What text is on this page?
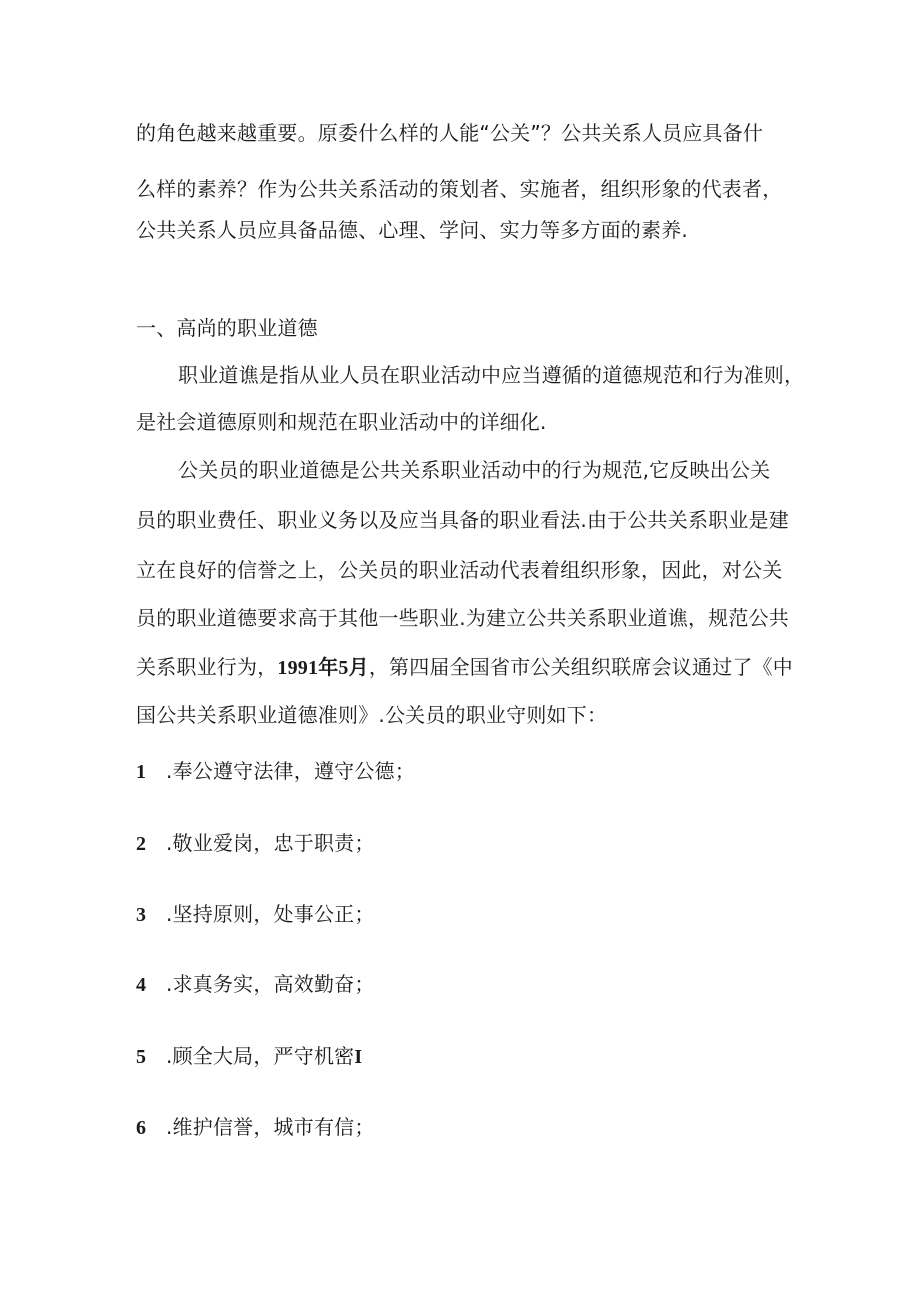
的角色越来越重要。原委什么样的人能“公关”？公共关系人员应具备什
么样的素养？作为公共关系活动的策划者、实施者，组织形象的代表者，
公共关系人员应具备品德、心理、学问、实力等多方面的素养.
一、高尚的职业道德
职业道谯是指从业人员在职业活动中应当遵循的道德规范和行为准则，
是社会道德原则和规范在职业活动中的详细化.
公关员的职业道德是公共关系职业活动中的行为规范,它反映出公关
员的职业费任、职业义务以及应当具备的职业看法.由于公共关系职业是建
立在良好的信誉之上，公关员的职业活动代表着组织形象，因此，对公关
员的职业道德要求高于其他一些职业.为建立公共关系职业道谯，规范公共
关系职业行为，1991年5月，第四届全国省市公关组织联席会议通过了《中
国公共关系职业道德准则》.公关员的职业守则如下：
1 .奉公遵守法律，遵守公德；
2 .敬业爱岗，忠于职责；
3 .坚持原则，处事公正；
4 .求真务实，高效勤奋；
5 .顾全大局，严守机密I
6 .维护信誉，城市有信；
